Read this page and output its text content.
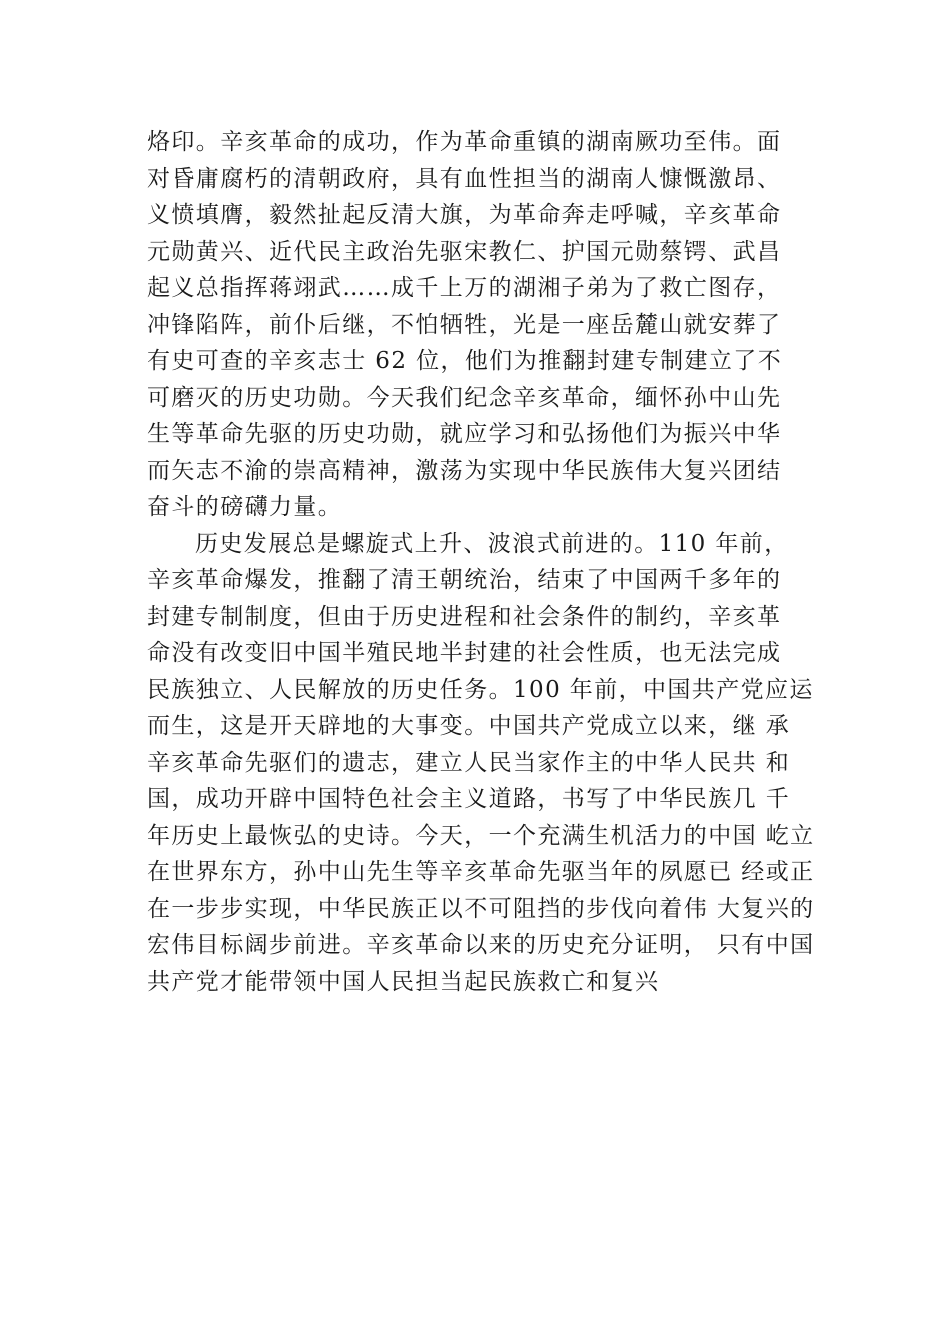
烙印。辛亥革命的成功，作为革命重镇的湖南厥功至伟。面
对昏庸腐朽的清朝政府，具有血性担当的湖南人慷慨激昂、
义愤填膺，毅然扯起反清大旗，为革命奔走呼喊，辛亥革命
元勋黄兴、近代民主政治先驱宋教仁、护国元勋蔡锷、武昌
起义总指挥蒋翊武……成千上万的湖湘子弟为了救亡图存，
冲锋陷阵，前仆后继，不怕牺牲，光是一座岳麓山就安葬了
有史可查的辛亥志士 62 位，他们为推翻封建专制建立了不
可磨灭的历史功勋。今天我们纪念辛亥革命，缅怀孙中山先
生等革命先驱的历史功勋，就应学习和弘扬他们为振兴中华
而矢志不渝的崇高精神，激荡为实现中华民族伟大复兴团结
奋斗的磅礴力量。
历史发展总是螺旋式上升、波浪式前进的。110 年前，
辛亥革命爆发，推翻了清王朝统治，结束了中国两千多年的
封建专制制度，但由于历史进程和社会条件的制约，辛亥革
命没有改变旧中国半殖民地半封建的社会性质，也无法完成
民族独立、人民解放的历史任务。100 年前，中国共产党应运
而生，这是开天辟地的大事变。中国共产党成立以来，继 承
辛亥革命先驱们的遗志，建立人民当家作主的中华人民共 和
国，成功开辟中国特色社会主义道路，书写了中华民族几 千
年历史上最恢弘的史诗。今天，一个充满生机活力的中国 屹立
在世界东方，孙中山先生等辛亥革命先驱当年的夙愿已 经或正
在一步步实现，中华民族正以不可阻挡的步伐向着伟 大复兴的
宏伟目标阔步前进。辛亥革命以来的历史充分证明， 只有中国
共产党才能带领中国人民担当起民族救亡和复兴
